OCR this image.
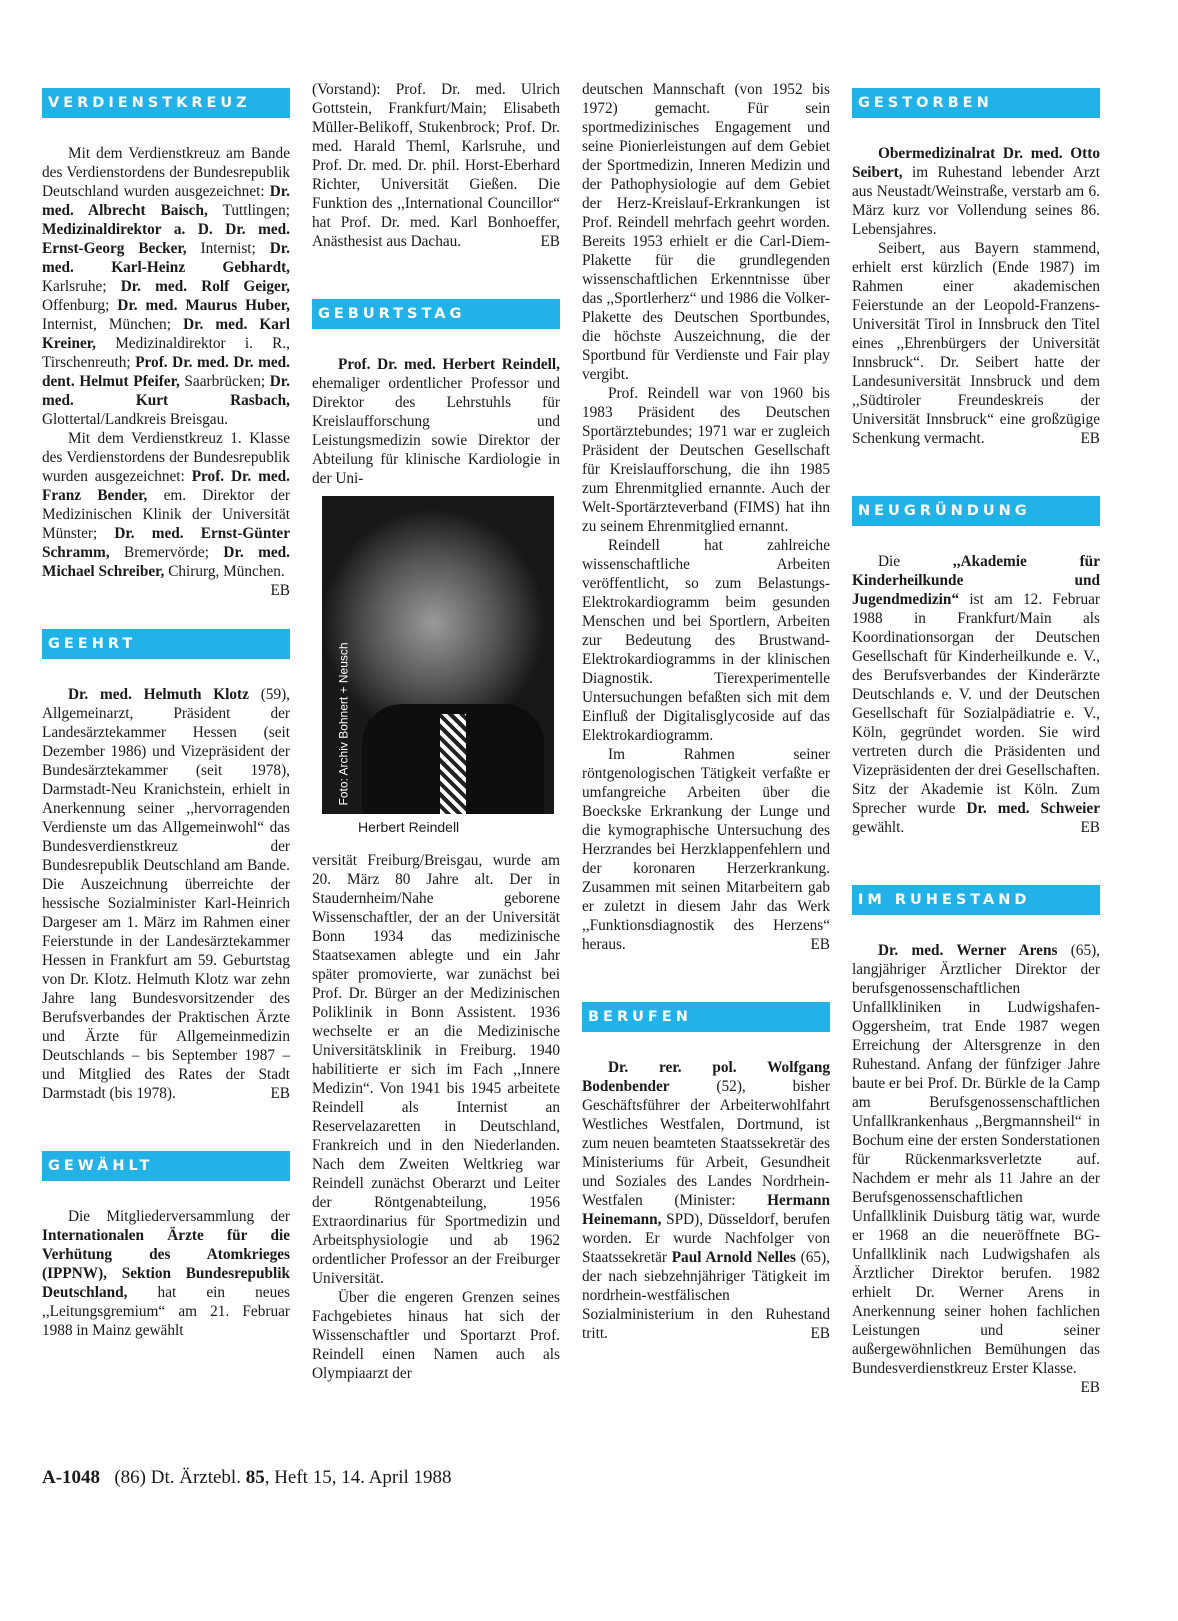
VERDIENSTKREUZ

Mit dem Verdienstkreuz am Bande des Verdienstordens der Bundesrepublik Deutschland wurden ausgezeichnet: Dr. med. Albrecht Baisch, Tuttlingen; Medizinaldirektor a. D. Dr. med. Ernst-Georg Becker, Internist; Dr. med. Karl-Heinz Gebhardt, Karlsruhe; Dr. med. Rolf Geiger, Offenburg; Dr. med. Maurus Huber, Internist, München; Dr. med. Karl Kreiner, Medizinaldirektor i. R., Tirschenreuth; Prof. Dr. med. Dr. med. dent. Helmut Pfeifer, Saarbrücken; Dr. med. Kurt Rasbach, Glottertal/Landkreis Breisgau.

Mit dem Verdienstkreuz 1. Klasse des Verdienstordens der Bundesrepublik wurden ausgezeichnet: Prof. Dr. med. Franz Bender, em. Direktor der Medizinischen Klinik der Universität Münster; Dr. med. Ernst-Günter Schramm, Bremervörde; Dr. med. Michael Schreiber, Chirurg, München.
EB

GEEHRT

Dr. med. Helmuth Klotz (59), Allgemeinarzt, Präsident der Landesärztekammer Hessen (seit Dezember 1986) und Vizepräsident der Bundesärztekammer (seit 1978), Darmstadt-Neu Kranichstein, erhielt in Anerkennung seiner ,,hervorragenden Verdienste um das Allgemeinwohl“ das Bundesverdienstkreuz der Bundesrepublik Deutschland am Bande. Die Auszeichnung überreichte der hessische Sozialminister Karl-Heinrich Dargeser am 1. März im Rahmen einer Feierstunde in der Landesärztekammer Hessen in Frankfurt am 59. Geburtstag von Dr. Klotz. Helmuth Klotz war zehn Jahre lang Bundesvorsitzender des Berufsverbandes der Praktischen Ärzte und Ärzte für Allgemeinmedizin Deutschlands – bis September 1987 – und Mitglied des Rates der Stadt Darmstadt (bis 1978).	EB

GEWÄHLT

Die Mitgliederversammlung der Internationalen Ärzte für die Verhütung des Atomkrieges (IPPNW), Sektion Bundesrepublik Deutschland, hat ein neues ,,Leitungsgremium“ am 21. Februar 1988 in Mainz gewählt

(Vorstand): Prof. Dr. med. Ulrich Gottstein, Frankfurt/Main; Elisabeth Müller-Belikoff, Stukenbrock; Prof. Dr. med. Harald Theml, Karlsruhe, und Prof. Dr. med. Dr. phil. Horst-Eberhard Richter, Universität Gießen. Die Funktion des ,,International Councillor“ hat Prof. Dr. med. Karl Bonhoeffer, Anästhesist aus Dachau.	EB

GEBURTSTAG

Prof. Dr. med. Herbert Reindell, ehemaliger ordentlicher Professor und Direktor des Lehrstuhls für Kreislaufforschung und Leistungsmedizin sowie Direktor der Abteilung für klinische Kardiologie in der Uni-

Foto: Archiv Bohnert + Neusch
Herbert Reindell

versität Freiburg/Breisgau, wurde am 20. März 80 Jahre alt. Der in Staudernheim/Nahe geborene Wissenschaftler, der an der Universität Bonn 1934 das medizinische Staatsexamen ablegte und ein Jahr später promovierte, war zunächst bei Prof. Dr. Bürger an der Medizinischen Poliklinik in Bonn Assistent. 1936 wechselte er an die Medizinische Universitätsklinik in Freiburg. 1940 habilitierte er sich im Fach ,,Innere Medizin“. Von 1941 bis 1945 arbeitete Reindell als Internist an Reservelazaretten in Deutschland, Frankreich und in den Niederlanden. Nach dem Zweiten Weltkrieg war Reindell zunächst Oberarzt und Leiter der Röntgenabteilung, 1956 Extraordinarius für Sportmedizin und Arbeitsphysiologie und ab 1962 ordentlicher Professor an der Freiburger Universität.

Über die engeren Grenzen seines Fachgebietes hinaus hat sich der Wissenschaftler und Sportarzt Prof. Reindell einen Namen auch als Olympiaarzt der

deutschen Mannschaft (von 1952 bis 1972) gemacht. Für sein sportmedizinisches Engagement und seine Pionierleistungen auf dem Gebiet der Sportmedizin, Inneren Medizin und der Pathophysiologie auf dem Gebiet der Herz-Kreislauf-Erkrankungen ist Prof. Reindell mehrfach geehrt worden. Bereits 1953 erhielt er die Carl-Diem-Plakette für die grundlegenden wissenschaftlichen Erkenntnisse über das ,,Sportlerherz“ und 1986 die Volker-Plakette des Deutschen Sportbundes, die höchste Auszeichnung, die der Sportbund für Verdienste und Fair play vergibt.

Prof. Reindell war von 1960 bis 1983 Präsident des Deutschen Sportärztebundes; 1971 war er zugleich Präsident der Deutschen Gesellschaft für Kreislaufforschung, die ihn 1985 zum Ehrenmitglied ernannte. Auch der Welt-Sportärzteverband (FIMS) hat ihn zu seinem Ehrenmitglied ernannt.

Reindell hat zahlreiche wissenschaftliche Arbeiten veröffentlicht, so zum Belastungs-Elektrokardiogramm beim gesunden Menschen und bei Sportlern, Arbeiten zur Bedeutung des Brustwand-Elektrokardiogramms in der klinischen Diagnostik. Tierexperimentelle Untersuchungen befaßten sich mit dem Einfluß der Digitalisglycoside auf das Elektrokardiogramm.

Im Rahmen seiner röntgenologischen Tätigkeit verfaßte er umfangreiche Arbeiten über die Boeckske Erkrankung der Lunge und die kymographische Untersuchung des Herzrandes bei Herzklappenfehlern und der koronaren Herzerkrankung. Zusammen mit seinen Mitarbeitern gab er zuletzt in diesem Jahr das Werk ,,Funktionsdiagnostik des Herzens“ heraus.	EB

BERUFEN

Dr. rer. pol. Wolfgang Bodenbender (52), bisher Geschäftsführer der Arbeiterwohlfahrt Westliches Westfalen, Dortmund, ist zum neuen beamteten Staatssekretär des Ministeriums für Arbeit, Gesundheit und Soziales des Landes Nordrhein-Westfalen (Minister: Hermann Heinemann, SPD), Düsseldorf, berufen worden. Er wurde Nachfolger von Staatssekretär Paul Arnold Nelles (65), der nach siebzehnjähriger Tätigkeit im nordrhein-westfälischen Sozialministerium in den Ruhestand tritt.	EB

GESTORBEN

Obermedizinalrat Dr. med. Otto Seibert, im Ruhestand lebender Arzt aus Neustadt/Weinstraße, verstarb am 6. März kurz vor Vollendung seines 86. Lebensjahres.

Seibert, aus Bayern stammend, erhielt erst kürzlich (Ende 1987) im Rahmen einer akademischen Feierstunde an der Leopold-Franzens-Universität Tirol in Innsbruck den Titel eines ,,Ehrenbürgers der Universität Innsbruck“. Dr. Seibert hatte der Landesuniversität Innsbruck und dem ,,Südtiroler Freundeskreis der Universität Innsbruck“ eine großzügige Schenkung vermacht.	EB

NEUGRÜNDUNG

Die ,,Akademie für Kinderheilkunde und Jugendmedizin“ ist am 12. Februar 1988 in Frankfurt/Main als Koordinationsorgan der Deutschen Gesellschaft für Kinderheilkunde e. V., des Berufsverbandes der Kinderärzte Deutschlands e. V. und der Deutschen Gesellschaft für Sozialpädiatrie e. V., Köln, gegründet worden. Sie wird vertreten durch die Präsidenten und Vizepräsidenten der drei Gesellschaften. Sitz der Akademie ist Köln. Zum Sprecher wurde Dr. med. Schweier gewählt.	EB

IM RUHESTAND

Dr. med. Werner Arens (65), langjähriger Ärztlicher Direktor der berufsgenossenschaftlichen Unfallkliniken in Ludwigshafen-Oggersheim, trat Ende 1987 wegen Erreichung der Altersgrenze in den Ruhestand. Anfang der fünfziger Jahre baute er bei Prof. Dr. Bürkle de la Camp am Berufsgenossenschaftlichen Unfallkrankenhaus ,,Bergmannsheil“ in Bochum eine der ersten Sonderstationen für Rückenmarksverletzte auf. Nachdem er mehr als 11 Jahre an der Berufsgenossenschaftlichen Unfallklinik Duisburg tätig war, wurde er 1968 an die neueröffnete BG-Unfallklinik nach Ludwigshafen als Ärztlicher Direktor berufen. 1982 erhielt Dr. Werner Arens in Anerkennung seiner hohen fachlichen Leistungen und seiner außergewöhnlichen Bemühungen das Bundesverdienstkreuz Erster Klasse.
EB

A-1048 (86) Dt. Ärztebl. 85, Heft 15, 14. April 1988
